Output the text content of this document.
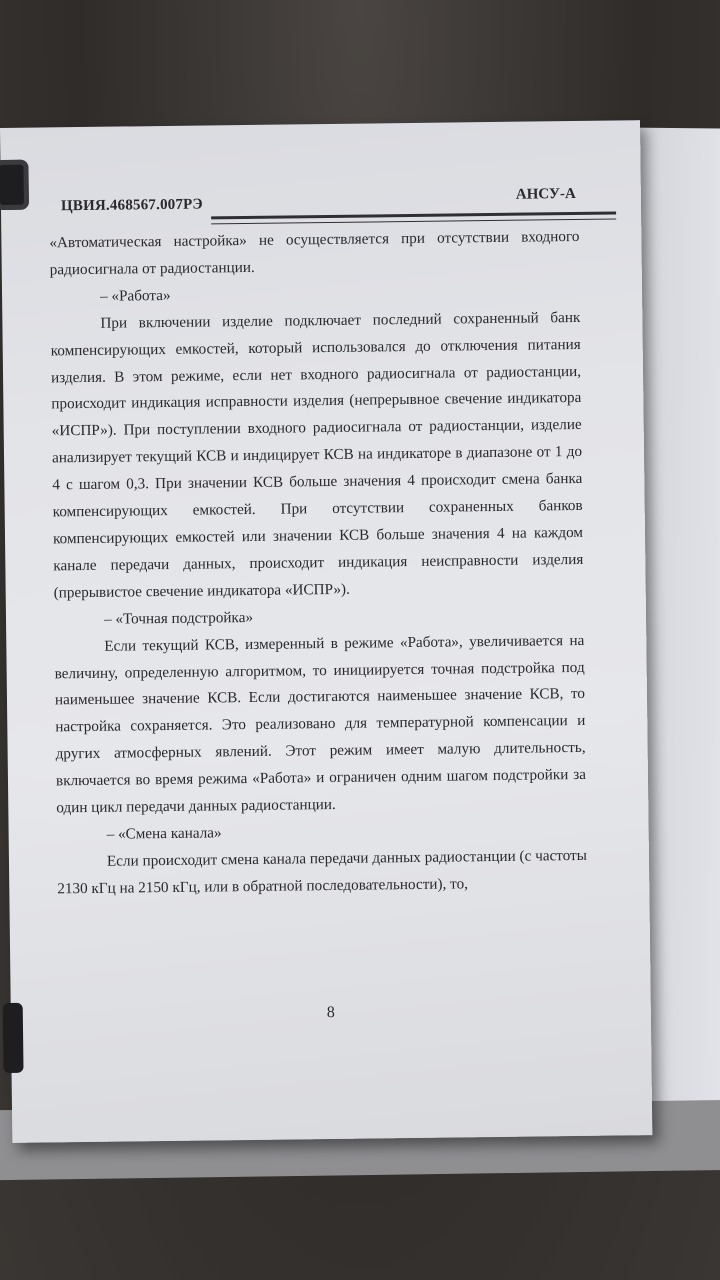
ЦВИЯ.468567.007РЭ
АНСУ-А

«Автоматическая настройка» не осуществляется при отсутствии входного радиосигнала от радиостанции.

– «Работа»

При включении изделие подключает последний сохраненный банк компенсирующих емкостей, который использовался до отключения питания изделия. В этом режиме, если нет входного радиосигнала от радиостанции, происходит индикация исправности изделия (непрерывное свечение индикатора «ИСПР»). При поступлении входного радиосигнала от радиостанции, изделие анализирует текущий КСВ и индицирует КСВ на индикаторе в диапазоне от 1 до 4 с шагом 0,3. При значении КСВ больше значения 4 происходит смена банка компенсирующих емкостей. При отсутствии сохраненных банков компенсирующих емкостей или значении КСВ больше значения 4 на каждом канале передачи данных, происходит индикация неисправности изделия (прерывистое свечение индикатора «ИСПР»).

– «Точная подстройка»

Если текущий КСВ, измеренный в режиме «Работа», увеличивается на величину, определенную алгоритмом, то инициируется точная подстройка под наименьшее значение КСВ. Если достигаются наименьшее значение КСВ, то настройка сохраняется. Это реализовано для температурной компенсации и других атмосферных явлений. Этот режим имеет малую длительность, включается во время режима «Работа» и ограничен одним шагом подстройки за один цикл передачи данных радиостанции.

– «Смена канала»

Если происходит смена канала передачи данных радиостанции (с частоты 2130 кГц на 2150 кГц, или в обратной последовательности), то,

8
